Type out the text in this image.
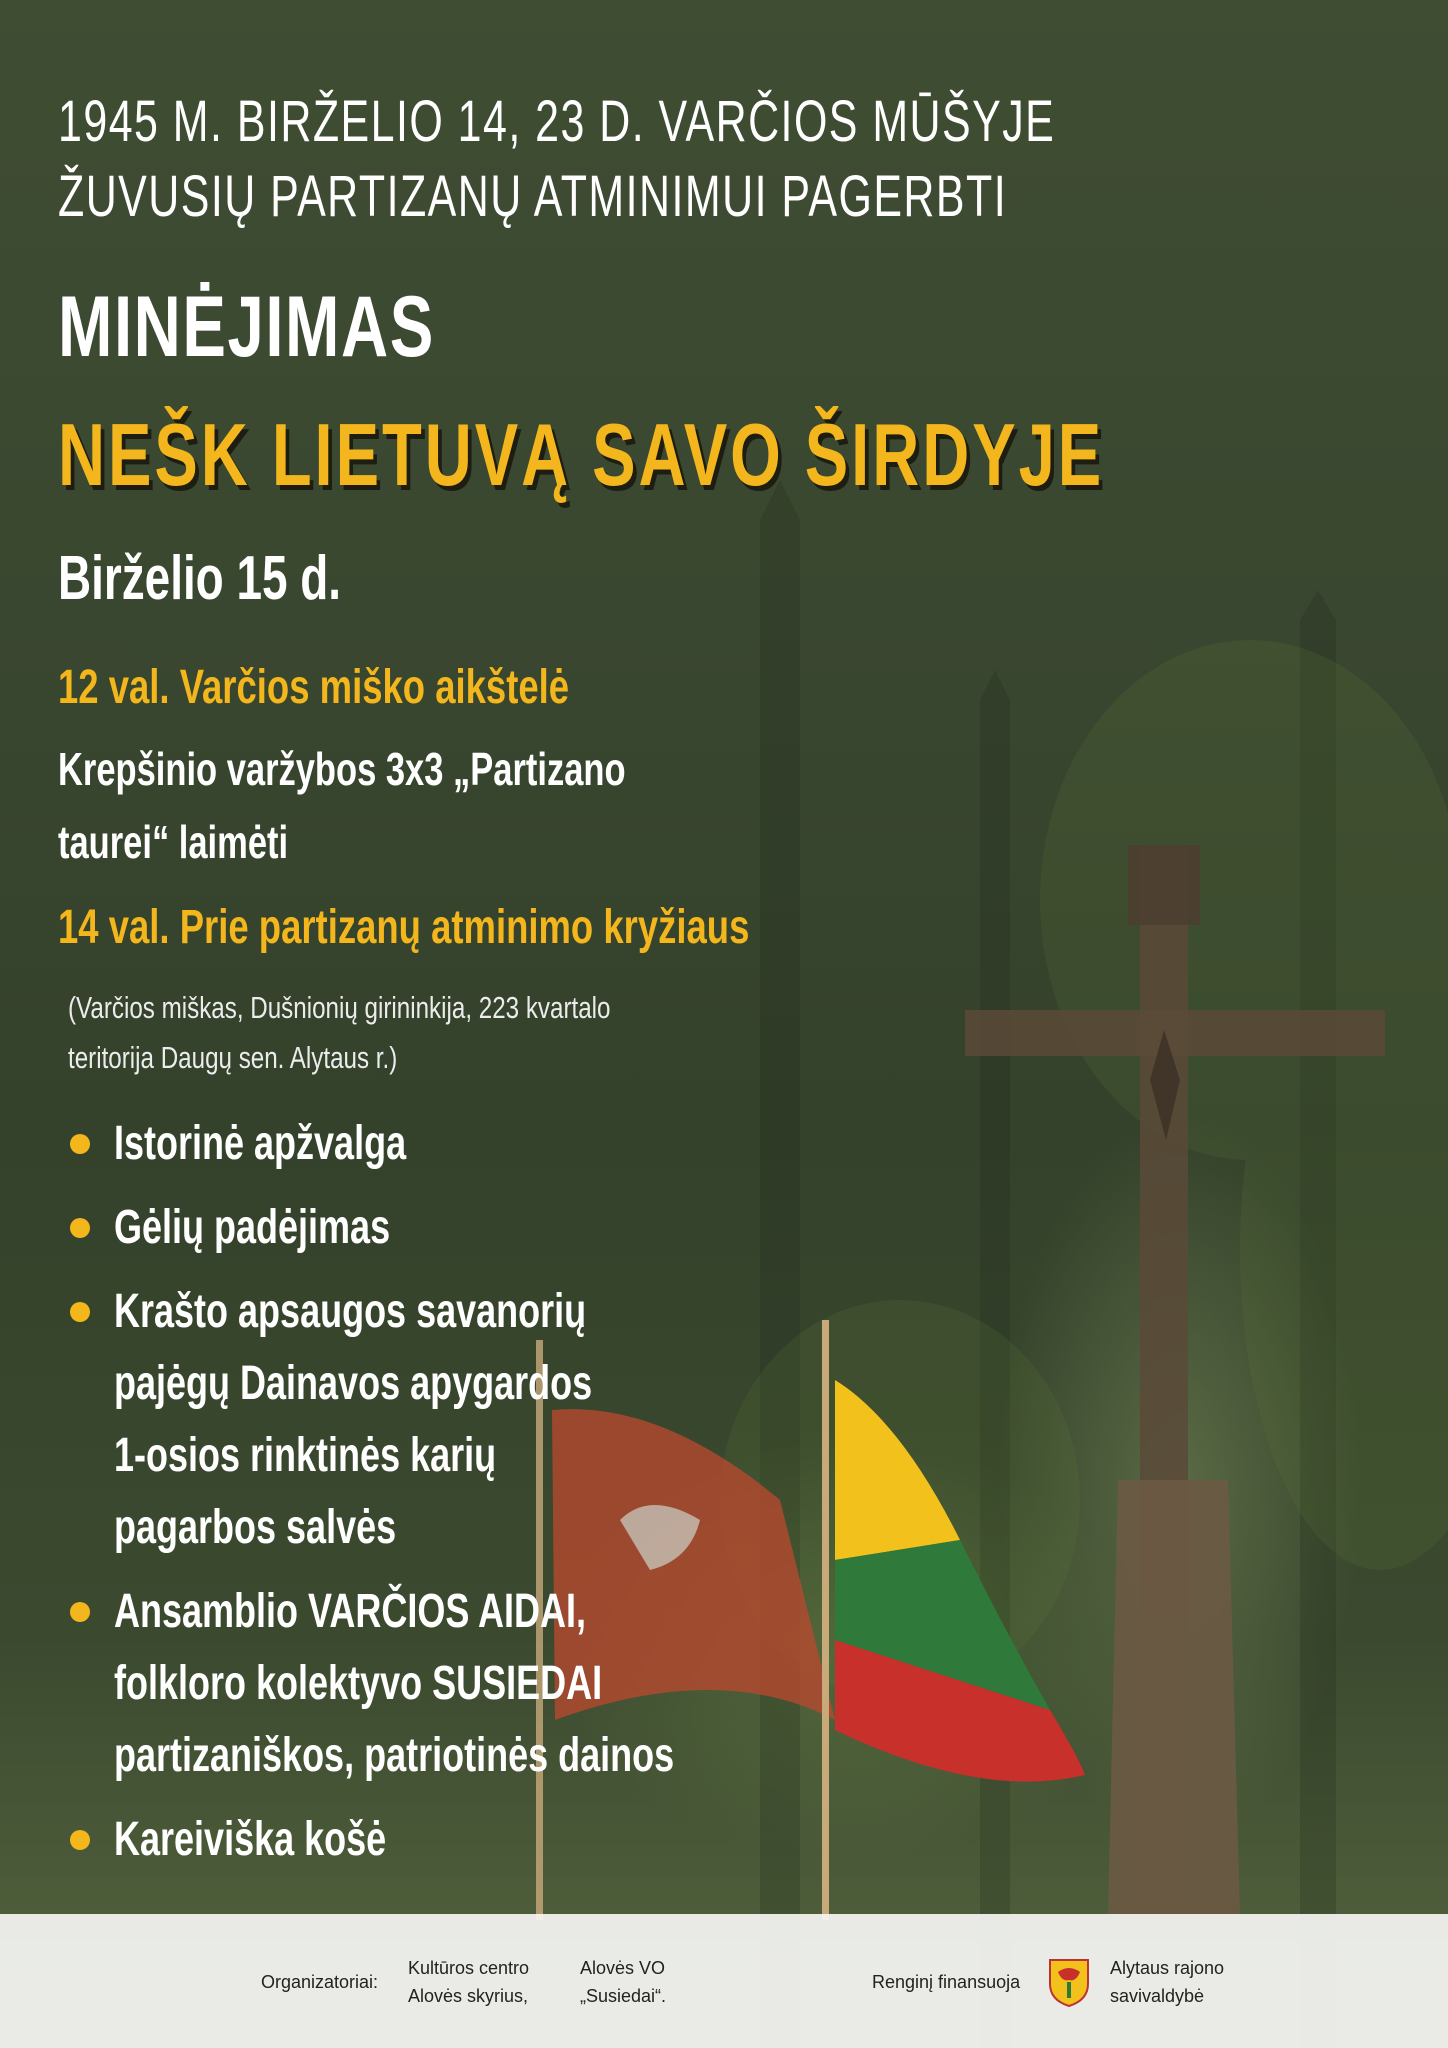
1945 M. BIRŽELIO 14, 23 D. VARČIOS MŪŠYJE
ŽUVUSIŲ PARTIZANŲ ATMINIMUI PAGERBTI
MINĖJIMAS
NEŠK LIETUVĄ SAVO ŠIRDYJE
Birželio 15 d.
12 val. Varčios miško aikštelė
Krepšinio varžybos 3x3 „Partizano
taurei“ laimėti
14 val. Prie partizanų atminimo kryžiaus
(Varčios miškas, Dušnionių girininkija, 223 kvartalo
teritorija Daugų sen. Alytaus r.)
Istorinė apžvalga
Gėlių padėjimas
Krašto apsaugos savanorių
pajėgų Dainavos apygardos
1-osios rinktinės karių
pagarbos salvės
Ansamblio VARČIOS AIDAI,
folkloro kolektyvo SUSIEDAI
partizaniškos, patriotinės dainos
Kareiviška košė
Organizatoriai:
Kultūros centro
Alovės skyrius,
Alovės VO
„Susiedai“.
Renginį finansuoja
Alytaus rajono
savivaldybė
